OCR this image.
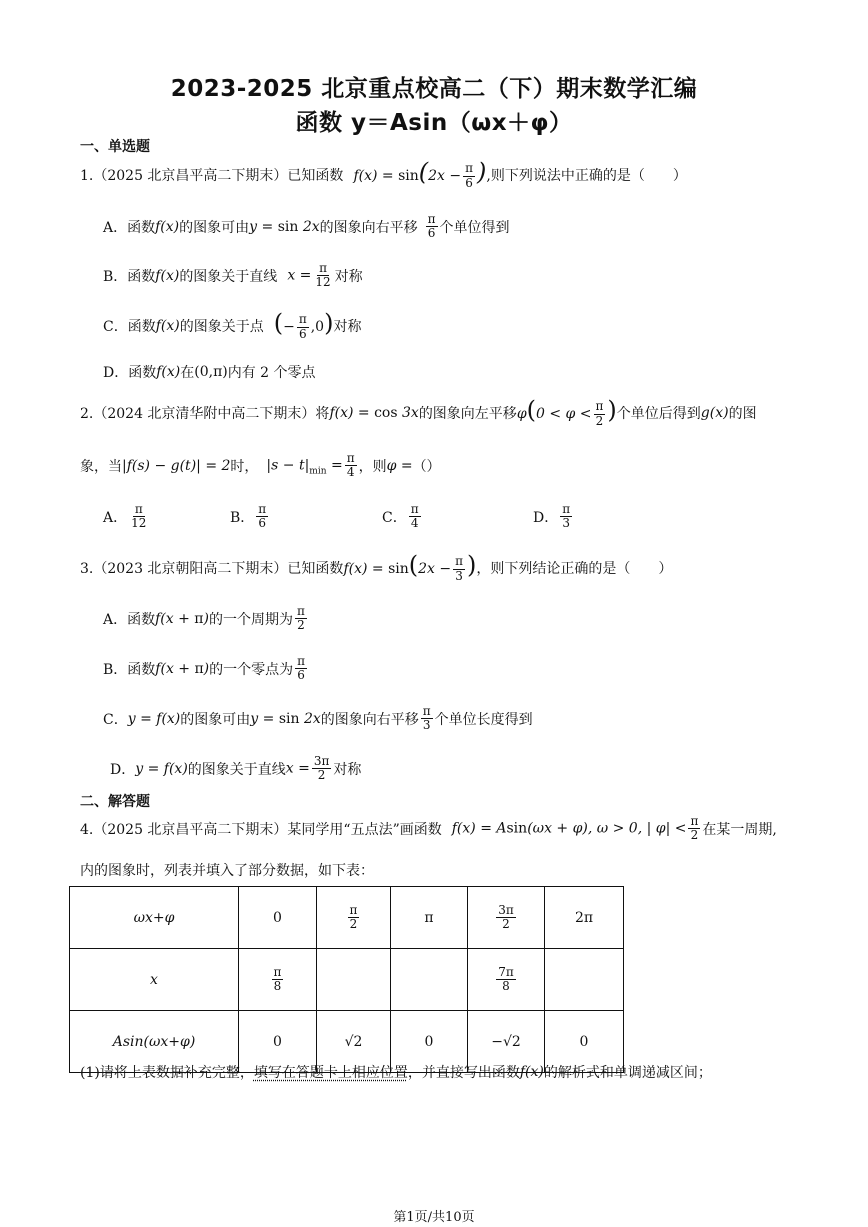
2023-2025 北京重点校高二（下）期末数学汇编
函数 y＝Asin（ωx＋φ）
一、单选题
1.（2025 北京昌平高二下期末）已知函数 $f(x) = \sin(2x - \frac{\pi}{6}$ ) ,则下列说法中正确的是（　　）
A．函数 f(x) 的图象可由 y = sin 2x 的图象向右平移 $\frac{\pi}{6}$ 个单位得到
B．函数 f(x) 的图象关于直线 $x = \frac{\pi}{12}$ 对称
C．函数 f(x) 的图象关于点 (− $\frac{\pi}{6} ,0$) 对称
D．函数 f(x) 在 (0,π) 内有 2 个零点
2.（2024 北京清华附中高二下期末）将 f(x) = cos 3x 的图象向左平移 $\varphi(0 < \varphi < \frac{\pi}{2}$ ) 个单位后得到 g(x) 的图
象，当 |f(s) − g(t)| = 2 时， $|s - t|_{min} = \frac{\pi}{4}$ ，则 φ = （）
A． $\frac{\pi}{12}$	B． $\frac{\pi}{6}$	C． $\frac{\pi}{4}$	D． $\frac{\pi}{3}$
3.（2023 北京朝阳高二下期末）已知函数 $f(x) = \sin(2x - \frac{\pi}{3}$ ) ，则下列结论正确的是（　　）
A．函数 f(x + π) 的一个周期为 $\frac{\pi}{2}$
B．函数 f(x + π) 的一个零点为 $\frac{\pi}{6}$
C． y = f(x) 的图象可由 y = sin 2x 的图象向右平移 $\frac{\pi}{3}$ 个单位长度得到
D． y = f(x) 的图象关于直线 $x = \frac{3\pi}{2}$ 对称
二、解答题
4.（2025 北京昌平高二下期末）某同学用“五点法”画函数 f(x) = Asin(ωx + φ), ω > 0, | $\varphi| < \frac{\pi}{2}$ 在某一周期,
内的图象时，列表并填入了部分数据，如下表：
ωx+φ	0	$\frac{\pi}{2}$	π	$\frac{3\pi}{2}$	2π
x	$\frac{\pi}{8}$			$\frac{7\pi}{8}$

Asin(ωx+φ)	0	√2	0	−√2	0
(1)请将上表数据补充完整， 填写在答题卡上相应位置 ，并直接写出函数 f(x) 的解析式和单调递减区间；
第1页/共10页
